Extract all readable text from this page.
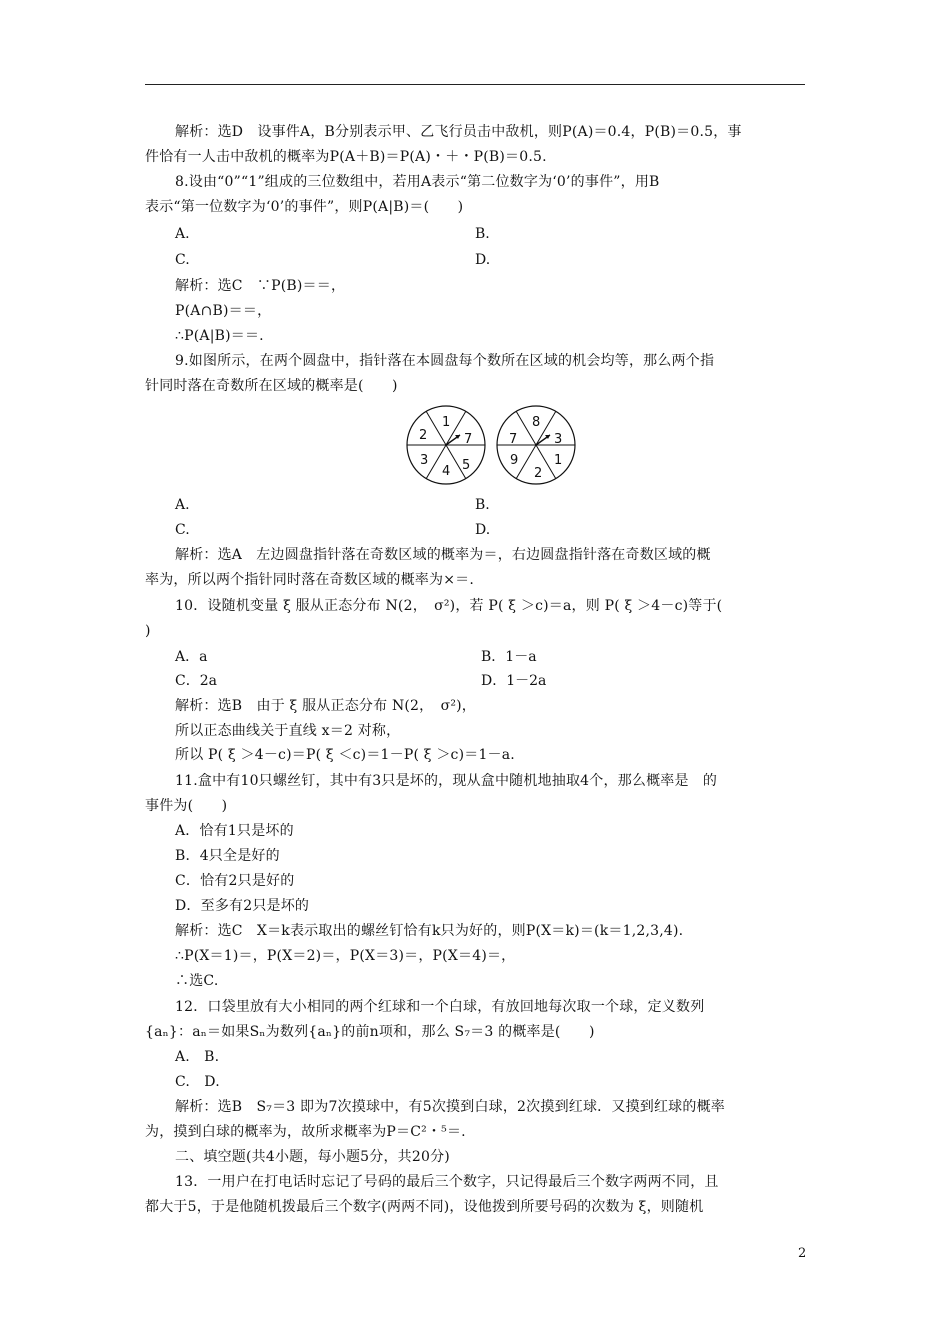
解析：选D　设事件A，B分别表示甲、乙飞行员击中敌机，则P(A)＝0.4，P(B)＝0.5，事
件恰有一人击中敌机的概率为P(A＋B)＝P(A)・＋・P(B)＝0.5.
8.设由“0”“1”组成的三位数组中，若用A表示“第二位数字为‘0’的事件”，用B
表示“第一位数字为‘0’的事件”，则P(A|B)＝(　　)
A.	B.
C.	D.
解析：选C　∵P(B)＝＝，
P(A∩B)＝＝，
∴P(A|B)＝＝.
9.如图所示，在两个圆盘中，指针落在本圆盘每个数所在区域的机会均等，那么两个指
针同时落在奇数所在区域的概率是(　　)
1
7
5
4
3
2
8
3
1
2
9
7
A.	B.
C.	D.
解析：选A　左边圆盘指针落在奇数区域的概率为＝，右边圆盘指针落在奇数区域的概
率为，所以两个指针同时落在奇数区域的概率为×＝.
10．设随机变量 ξ 服从正态分布 N(2，　σ²)，若 P( ξ ＞c)＝a，则 P( ξ ＞4－c)等于(
)
A．a	B．1－a
C．2a	D．1－2a
解析：选B　由于 ξ 服从正态分布 N(2，　σ²)，
所以正态曲线关于直线 x＝2 对称，
所以 P( ξ ＞4－c)＝P( ξ ＜c)＝1－P( ξ ＞c)＝1－a.
11.盒中有10只螺丝钉，其中有3只是坏的，现从盒中随机地抽取4个，那么概率是　的
事件为(　　)
A．恰有1只是坏的
B．4只全是好的
C．恰有2只是好的
D．至多有2只是坏的
解析：选C　X＝k表示取出的螺丝钉恰有k只为好的，则P(X＝k)＝(k＝1,2,3,4).
∴P(X＝1)＝，P(X＝2)＝，P(X＝3)＝，P(X＝4)＝，
∴选C.
12．口袋里放有大小相同的两个红球和一个白球，有放回地每次取一个球，定义数列
{aₙ}：aₙ＝如果Sₙ为数列{aₙ}的前n项和，那么 S₇＝3 的概率是(　　)
A.　B.
C.　D.
解析：选B　S₇＝3 即为7次摸球中，有5次摸到白球，2次摸到红球．又摸到红球的概率
为，摸到白球的概率为，故所求概率为P＝C²・⁵＝.
二、填空题(共4小题，每小题5分，共20分)
13．一用户在打电话时忘记了号码的最后三个数字，只记得最后三个数字两两不同，且
都大于5，于是他随机拨最后三个数字(两两不同)，设他拨到所要号码的次数为 ξ，则随机
2
